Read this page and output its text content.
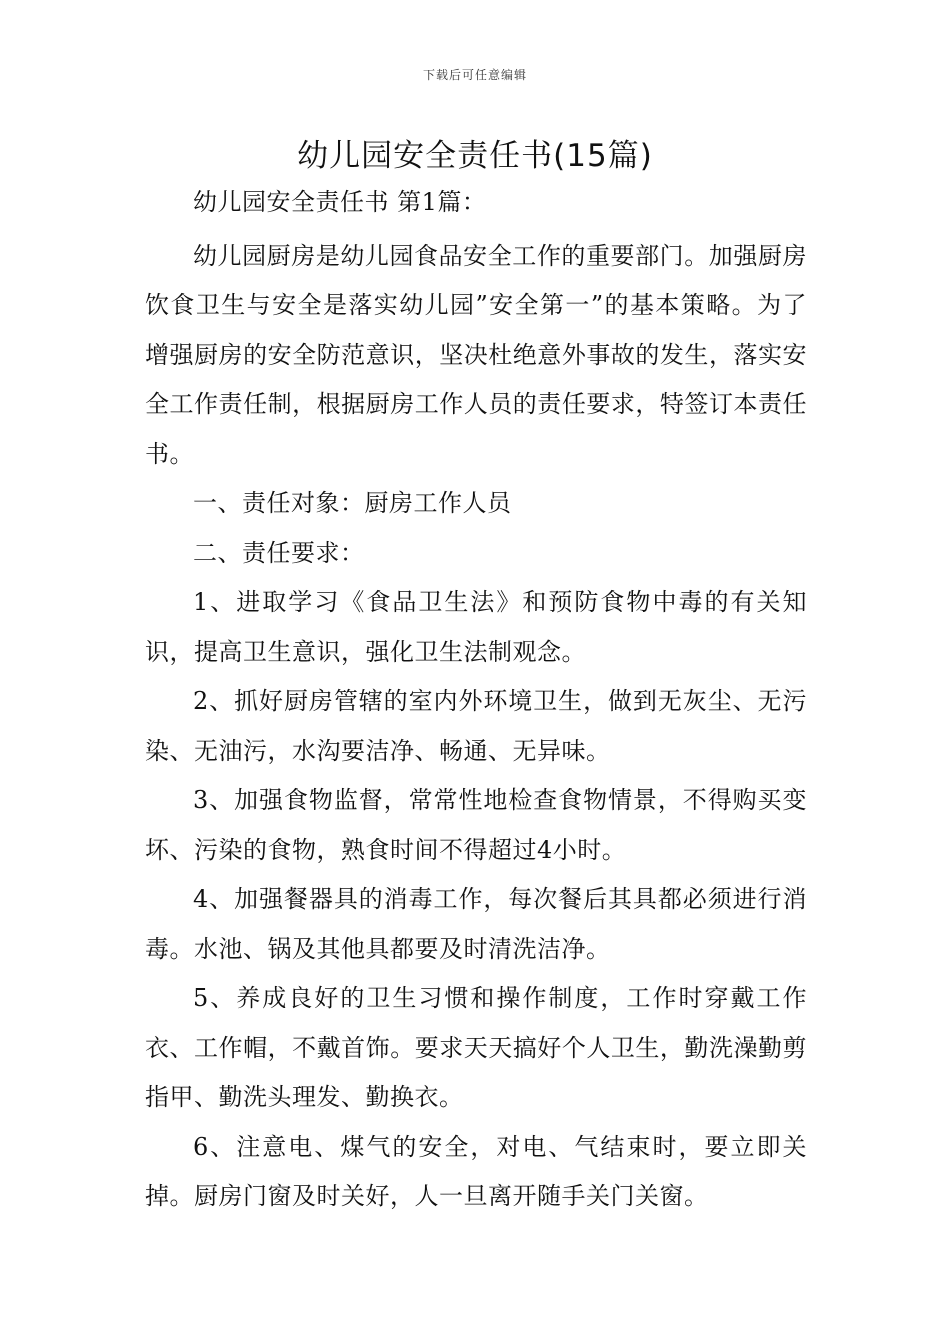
下载后可任意编辑
幼儿园安全责任书(15篇)

幼儿园安全责任书 第1篇：

幼儿园厨房是幼儿园食品安全工作的重要部门。加强厨房饮食卫生与安全是落实幼儿园”安全第一”的基本策略。为了增强厨房的安全防范意识，坚决杜绝意外事故的发生，落实安全工作责任制，根据厨房工作人员的责任要求，特签订本责任书。

一、责任对象：厨房工作人员

二、责任要求：

1、进取学习《食品卫生法》和预防食物中毒的有关知识，提高卫生意识，强化卫生法制观念。

2、抓好厨房管辖的室内外环境卫生，做到无灰尘、无污染、无油污，水沟要洁净、畅通、无异味。

3、加强食物监督，常常性地检查食物情景，不得购买变坏、污染的食物，熟食时间不得超过4小时。

4、加强餐器具的消毒工作，每次餐后其具都必须进行消毒。水池、锅及其他具都要及时清洗洁净。

5、养成良好的卫生习惯和操作制度，工作时穿戴工作衣、工作帽，不戴首饰。要求天天搞好个人卫生，勤洗澡勤剪指甲、勤洗头理发、勤换衣。

6、注意电、煤气的安全，对电、气结束时，要立即关掉。厨房门窗及时关好，人一旦离开随手关门关窗。
